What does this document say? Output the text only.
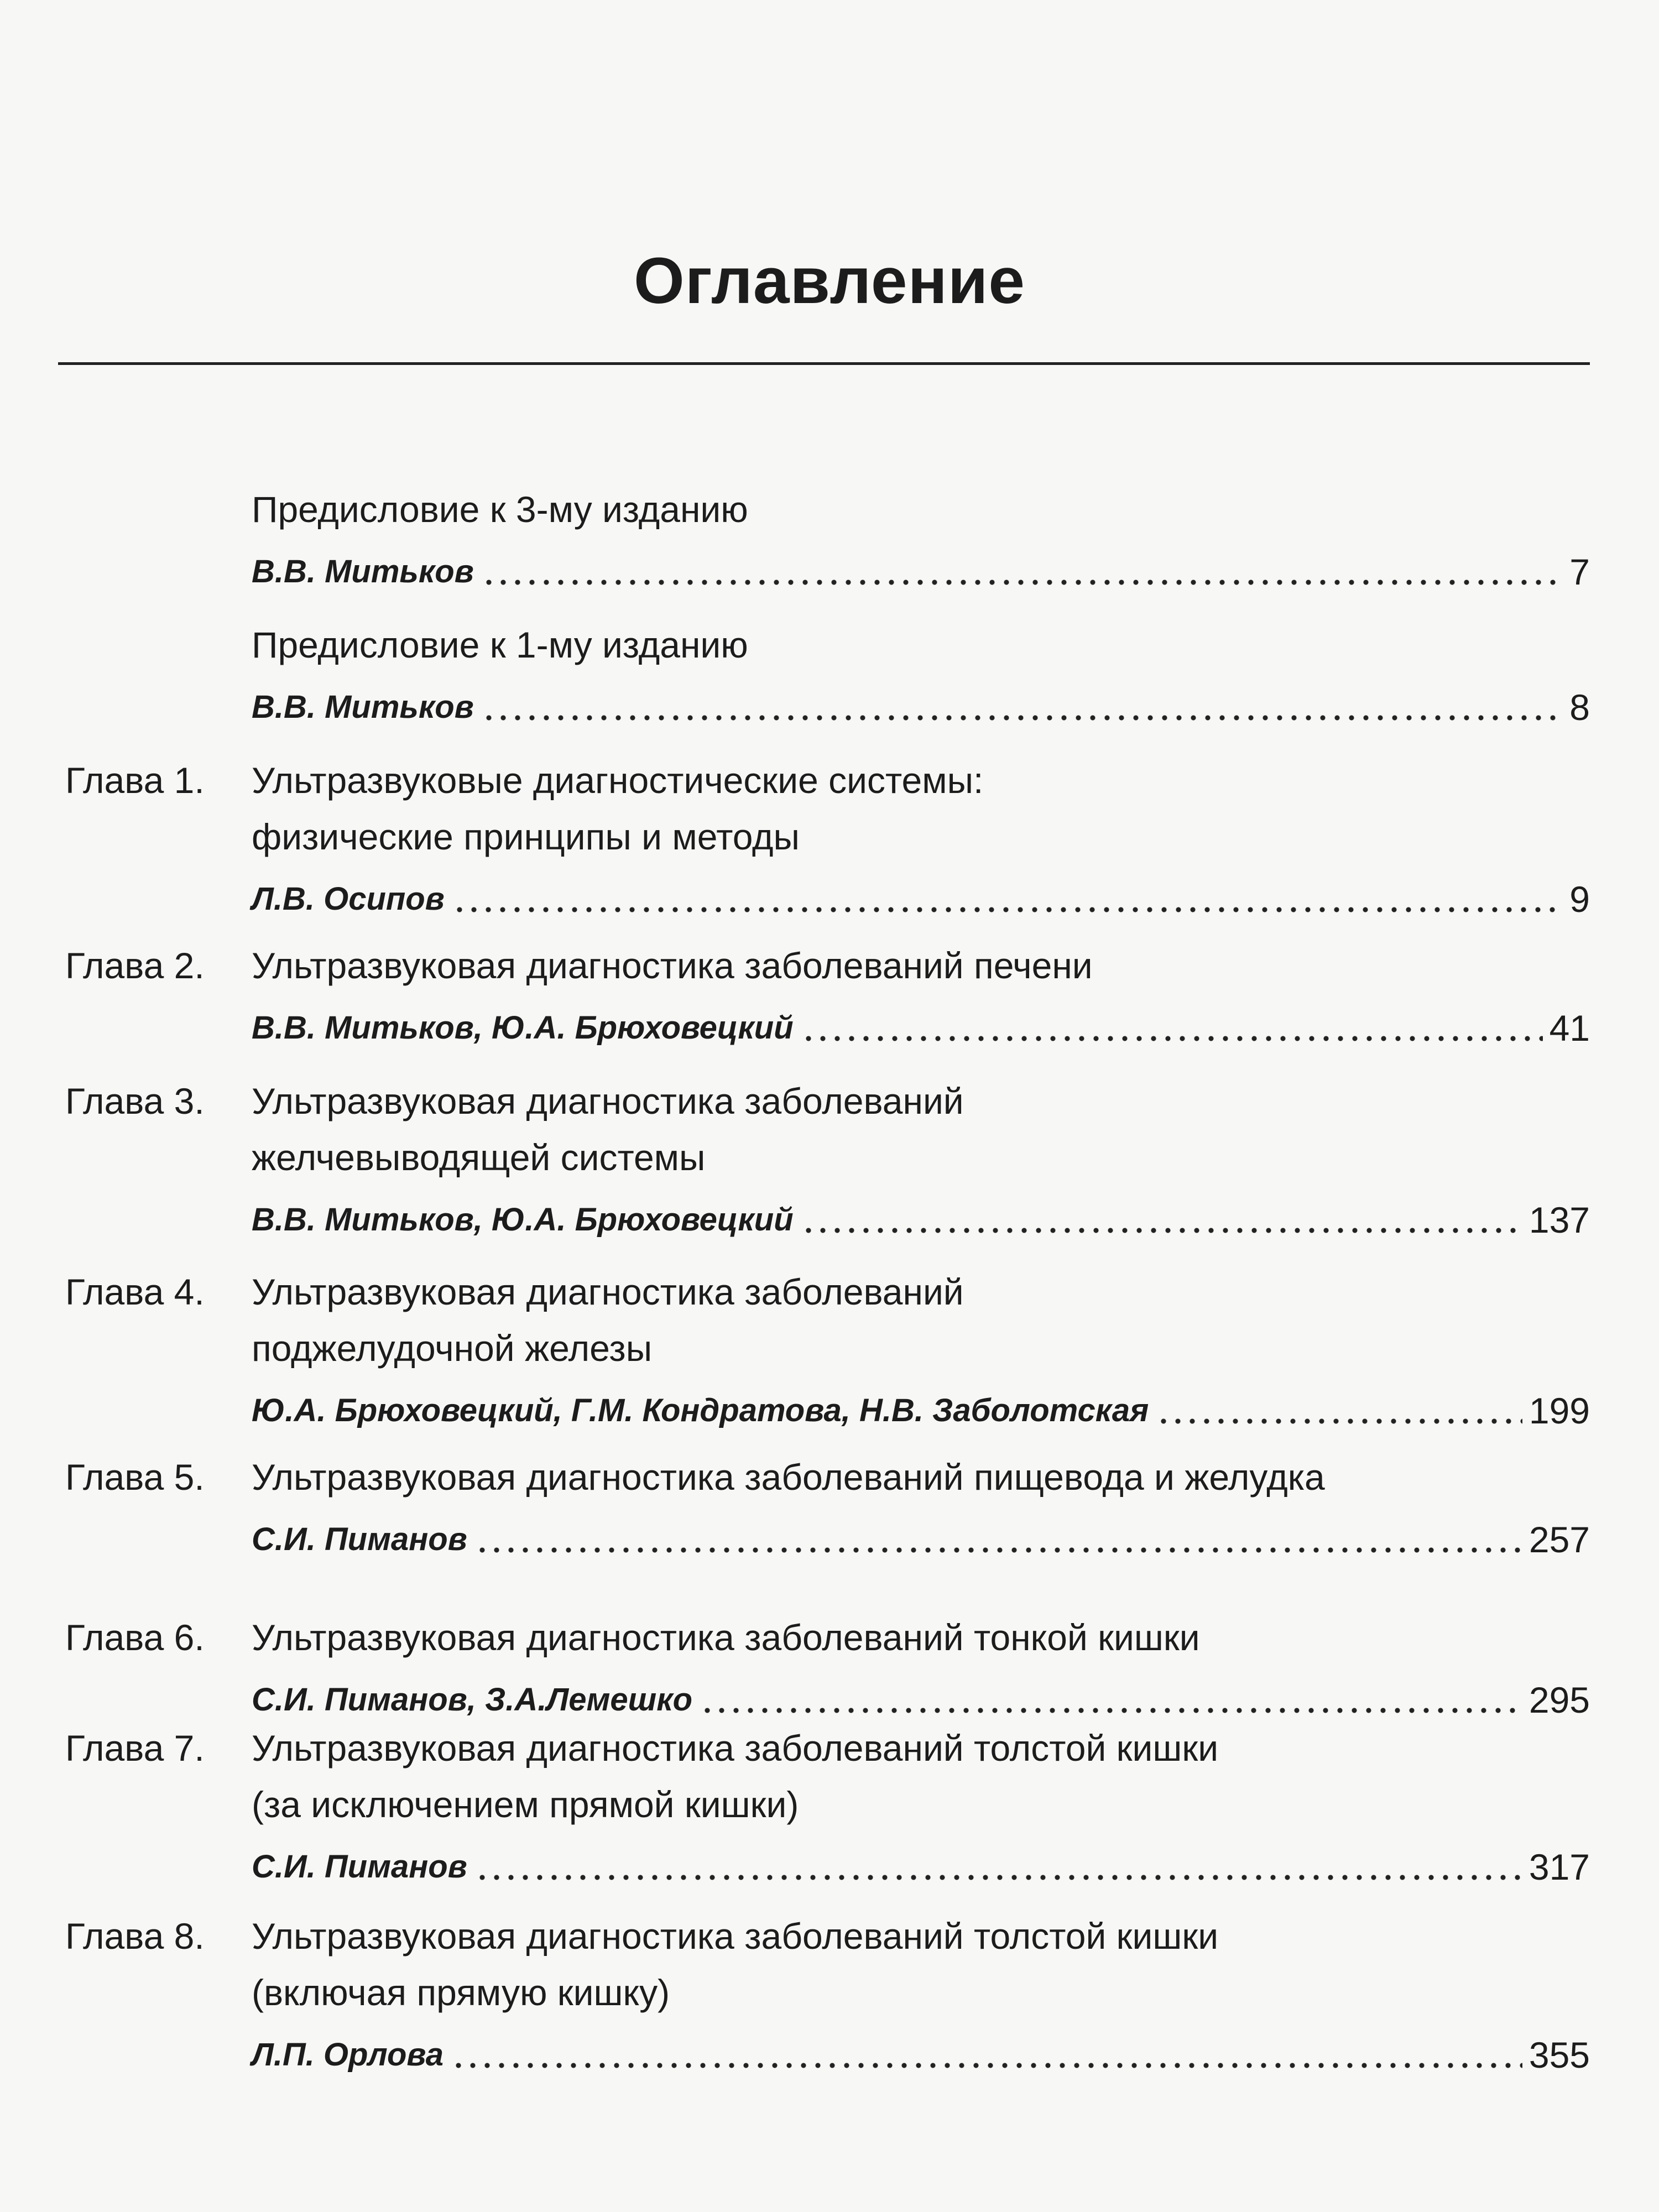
Оглавление
Предисловие к 3-му изданию
В.В. Митьков	7
Предисловие к 1-му изданию
В.В. Митьков	8
Глава 1. Ультразвуковые диагностические системы:
физические принципы и методы
Л.В. Осипов	9
Глава 2. Ультразвуковая диагностика заболеваний печени
В.В. Митьков, Ю.А. Брюховецкий	41
Глава 3. Ультразвуковая диагностика заболеваний
желчевыводящей системы
В.В. Митьков, Ю.А. Брюховецкий	137
Глава 4. Ультразвуковая диагностика заболеваний
поджелудочной железы
Ю.А. Брюховецкий, Г.М. Кондратова, Н.В. Заболотская	199
Глава 5. Ультразвуковая диагностика заболеваний пищевода и желудка
С.И. Пиманов	257
Глава 6. Ультразвуковая диагностика заболеваний тонкой кишки
С.И. Пиманов, З.А.Лемешко	295
Глава 7. Ультразвуковая диагностика заболеваний толстой кишки
(за исключением прямой кишки)
С.И. Пиманов	317
Глава 8. Ультразвуковая диагностика заболеваний толстой кишки
(включая прямую кишку)
Л.П. Орлова	355
